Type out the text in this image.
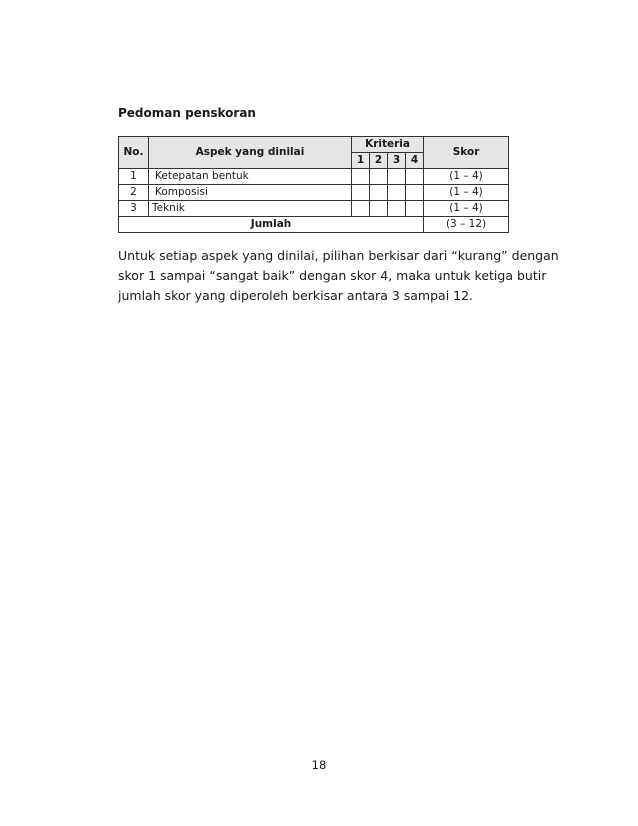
Pedoman penskoran
No.	Aspek yang dinilai	Kriteria				Skor
		1	2	3	4	
1	Ketepatan bentuk					(1 – 4)
2	Komposisi					(1 – 4)
3	Teknik					(1 – 4)
Jumlah						(3 – 12)

Untuk setiap aspek yang dinilai, pilihan berkisar dari “kurang” dengan skor 1 sampai “sangat baik” dengan skor 4, maka untuk ketiga butir jumlah skor yang diperoleh berkisar antara 3 sampai 12.

18
